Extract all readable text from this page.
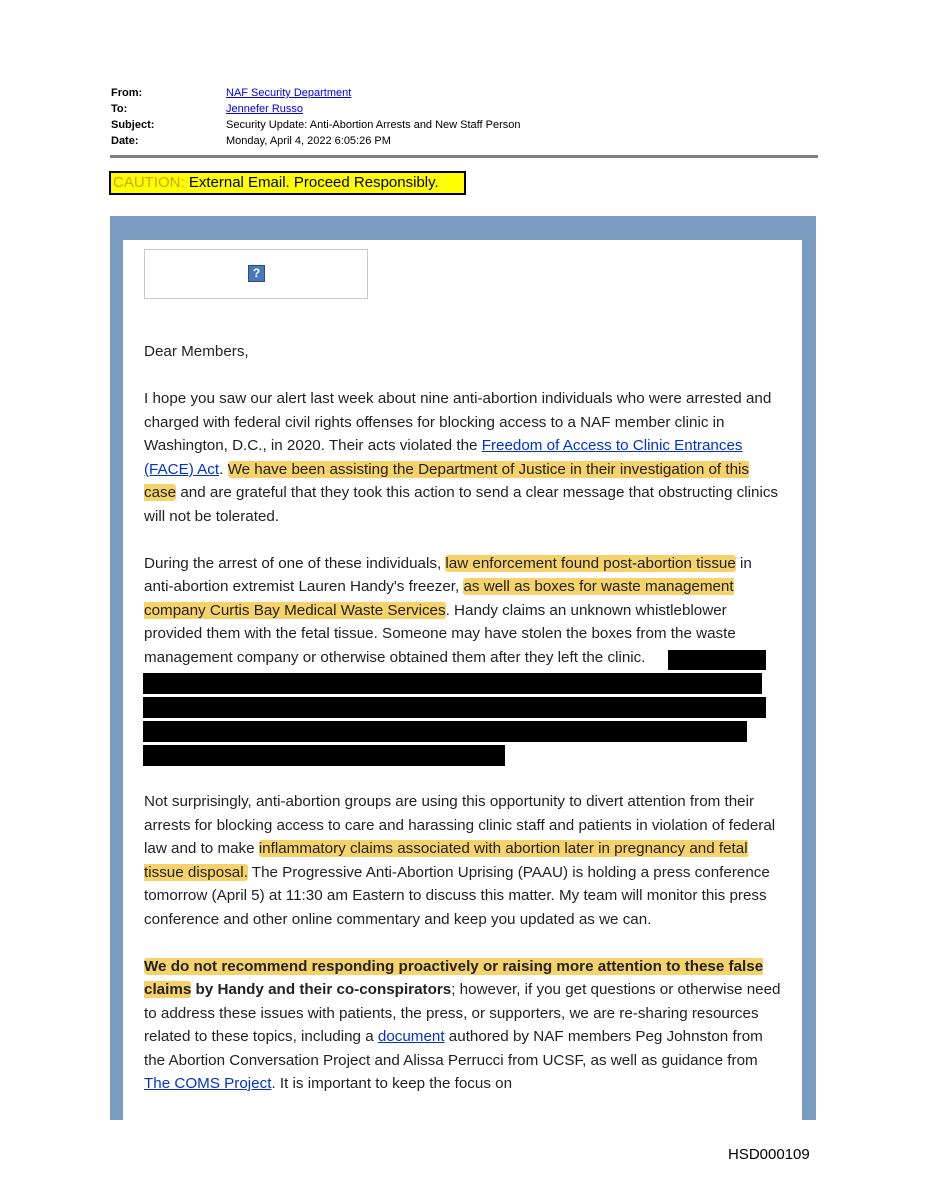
From:	NAF Security Department
To:	Jennefer Russo
Subject:	Security Update: Anti-Abortion Arrests and New Staff Person
Date:	Monday, April 4, 2022 6:05:26 PM
CAUTION: External Email. Proceed Responsibly.
?

Dear Members,

I hope you saw our alert last week about nine anti-abortion individuals who were arrested and charged with federal civil rights offenses for blocking access to a NAF member clinic in Washington, D.C., in 2020. Their acts violated the Freedom of Access to Clinic Entrances (FACE) Act. We have been assisting the Department of Justice in their investigation of this case and are grateful that they took this action to send a clear message that obstructing clinics will not be tolerated.

During the arrest of one of these individuals, law enforcement found post-abortion tissue in anti-abortion extremist Lauren Handy's freezer, as well as boxes for waste management company Curtis Bay Medical Waste Services. Handy claims an unknown whistleblower provided them with the fetal tissue. Someone may have stolen the boxes from the waste management company or otherwise obtained them after they left the clinic.

Not surprisingly, anti-abortion groups are using this opportunity to divert attention from their arrests for blocking access to care and harassing clinic staff and patients in violation of federal law and to make inflammatory claims associated with abortion later in pregnancy and fetal tissue disposal. The Progressive Anti-Abortion Uprising (PAAU) is holding a press conference tomorrow (April 5) at 11:30 am Eastern to discuss this matter. My team will monitor this press conference and other online commentary and keep you updated as we can.

We do not recommend responding proactively or raising more attention to these false claims by Handy and their co-conspirators; however, if you get questions or otherwise need to address these issues with patients, the press, or supporters, we are re-sharing resources related to these topics, including a document authored by NAF members Peg Johnston from the Abortion Conversation Project and Alissa Perrucci from UCSF, as well as guidance from The COMS Project. It is important to keep the focus on

HSD000109
